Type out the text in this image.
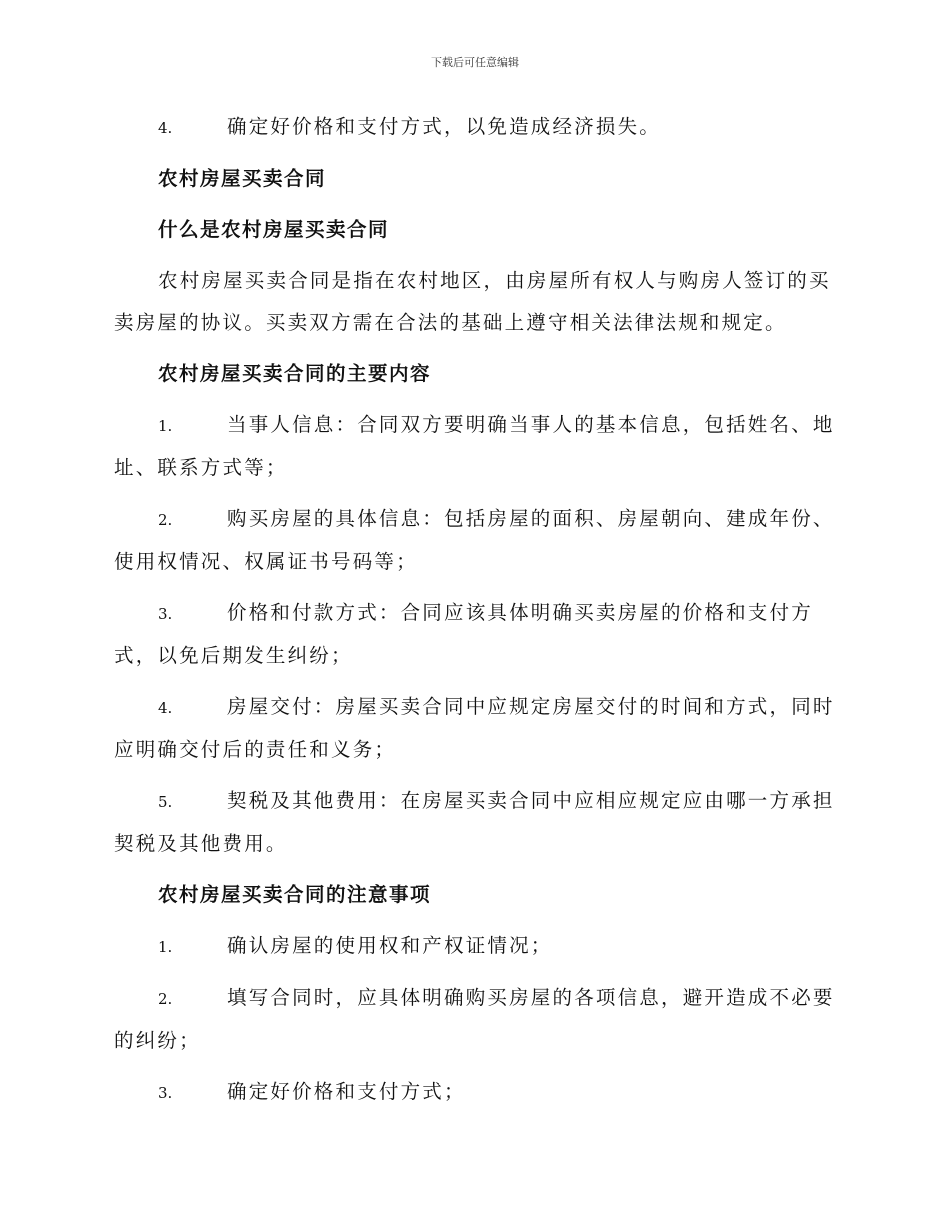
下载后可任意编辑
4.	确定好价格和支付方式，以免造成经济损失。
农村房屋买卖合同
什么是农村房屋买卖合同
农村房屋买卖合同是指在农村地区，由房屋所有权人与购房人签订的买
卖房屋的协议。买卖双方需在合法的基础上遵守相关法律法规和规定。
农村房屋买卖合同的主要内容
1.	当事人信息：合同双方要明确当事人的基本信息，包括姓名、地
址、联系方式等；
2.	购买房屋的具体信息：包括房屋的面积、房屋朝向、建成年份、
使用权情况、权属证书号码等；
3.	价格和付款方式：合同应该具体明确买卖房屋的价格和支付方
式，以免后期发生纠纷；
4.	房屋交付：房屋买卖合同中应规定房屋交付的时间和方式，同时
应明确交付后的责任和义务；
5.	契税及其他费用：在房屋买卖合同中应相应规定应由哪一方承担
契税及其他费用。
农村房屋买卖合同的注意事项
1.	确认房屋的使用权和产权证情况；
2.	填写合同时，应具体明确购买房屋的各项信息，避开造成不必要
的纠纷；
3.	确定好价格和支付方式；
